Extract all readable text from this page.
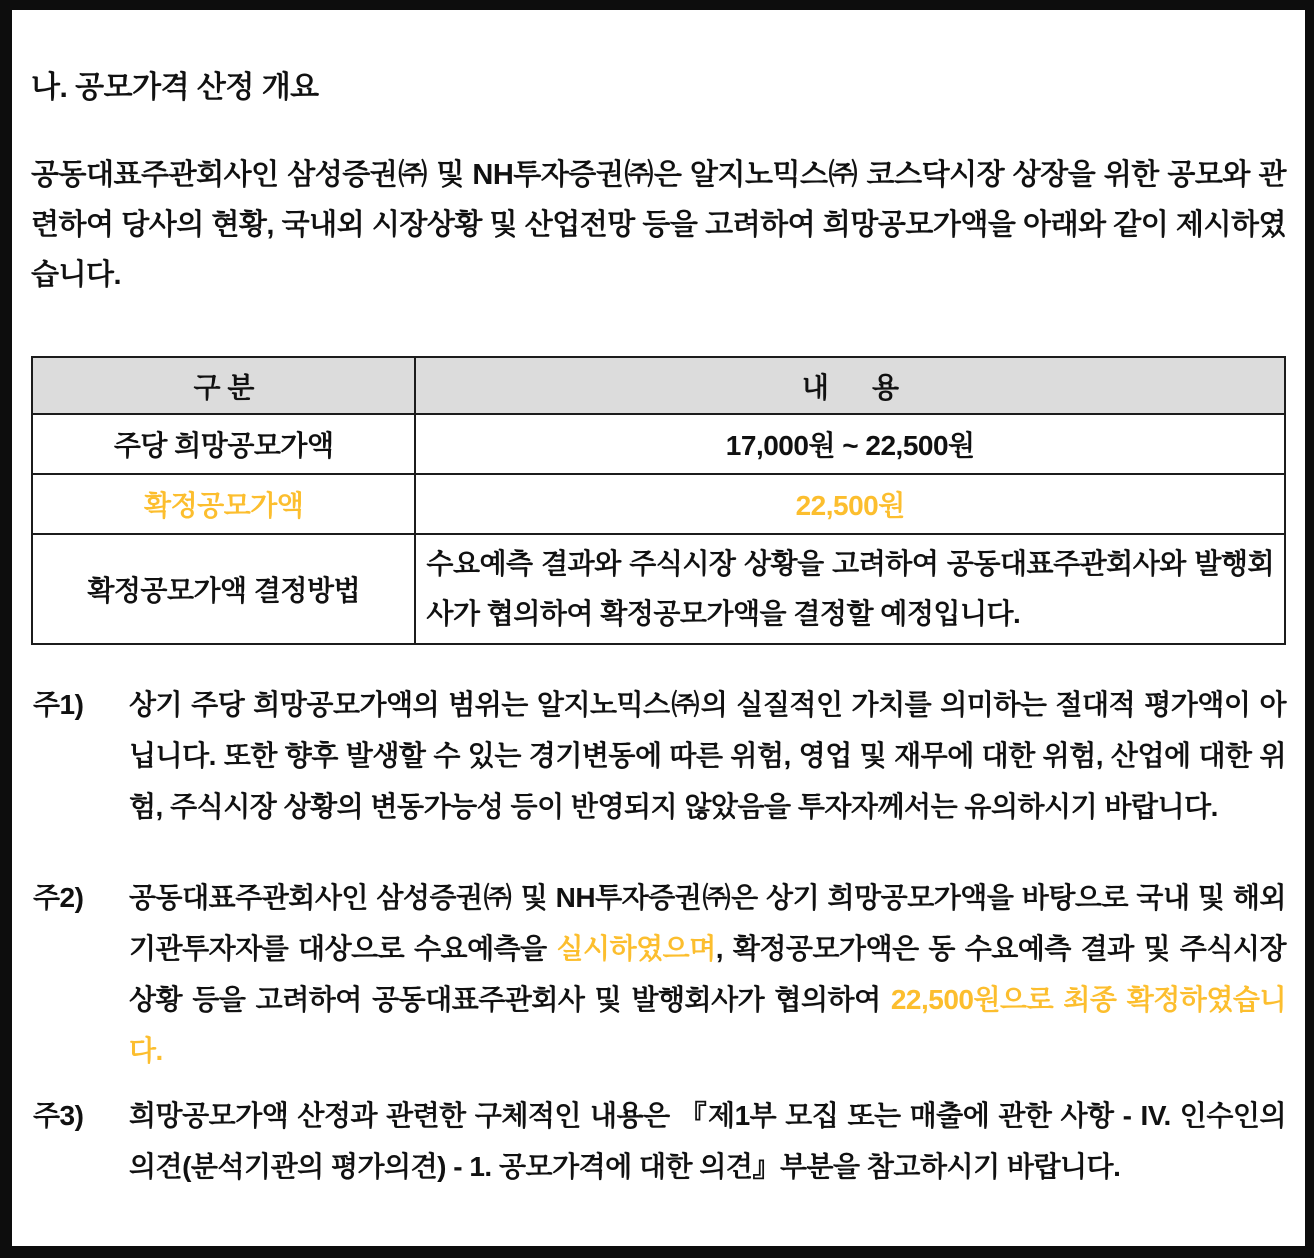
나. 공모가격 산정 개요

공동대표주관회사인 삼성증권㈜ 및 NH투자증권㈜은 알지노믹스㈜ 코스닥시장 상장을 위한 공모와 관련하여 당사의 현황, 국내외 시장상황 및 산업전망 등을 고려하여 희망공모가액을 아래와 같이 제시하였습니다.

구 분	내      용
주당 희망공모가액	17,000원 ~ 22,500원
확정공모가액	22,500원
확정공모가액 결정방법	수요예측 결과와 주식시장 상황을 고려하여 공동대표주관회사와 발행회사가 협의하여 확정공모가액을 결정할 예정입니다.
주1)	상기 주당 희망공모가액의 범위는 알지노믹스㈜의 실질적인 가치를 의미하는 절대적 평가액이 아닙니다. 또한 향후 발생할 수 있는 경기변동에 따른 위험, 영업 및 재무에 대한 위험, 산업에 대한 위험, 주식시장 상황의 변동가능성 등이 반영되지 않았음을 투자자께서는 유의하시기 바랍니다.
주2)	공동대표주관회사인 삼성증권㈜ 및 NH투자증권㈜은 상기 희망공모가액을 바탕으로 국내 및 해외 기관투자자를 대상으로 수요예측을 실시하였으며, 확정공모가액은 동 수요예측 결과 및 주식시장 상황 등을 고려하여 공동대표주관회사 및 발행회사가 협의하여 22,500원으로 최종 확정하였습니다.
주3)	희망공모가액 산정과 관련한 구체적인 내용은 『제1부 모집 또는 매출에 관한 사항 - IV. 인수인의 의견(분석기관의 평가의견) - 1. 공모가격에 대한 의견』부분을 참고하시기 바랍니다.
